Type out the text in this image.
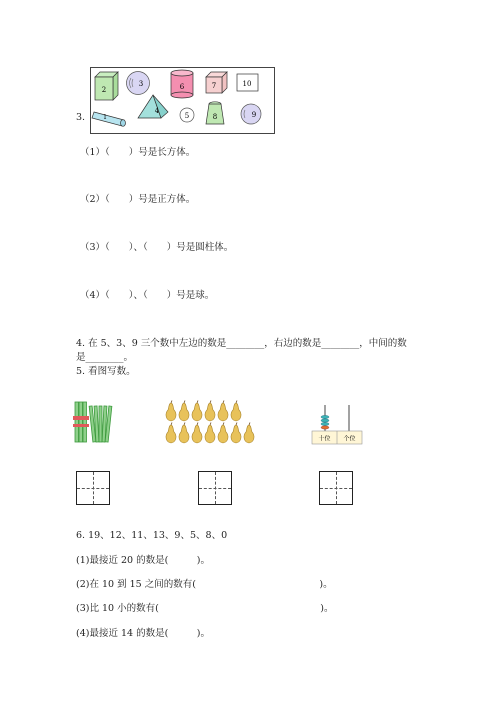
3.
2
3	6	7	10
1
4
5	8	9
（1）（　　）号是长方体。
（2）（　　）号是正方体。
（3）（　　）、（　　）号是圆柱体。
（4）（　　）、（　　）号是球。
4. 在 5、3、9 三个数中左边的数是________，右边的数是________，中间的数
是________。
5. 看图写数。
十位 个位
6. 19、12、11、13、9、5、8、0
(1)最接近 20 的数是(　　　)。
(2)在 10 到 15 之间的数有(　　　　　　　　　　　　　)。
(3)比 10 小的数有(　　　　　　　　　　　　　　　　　)。
(4)最接近 14 的数是(　　　)。
